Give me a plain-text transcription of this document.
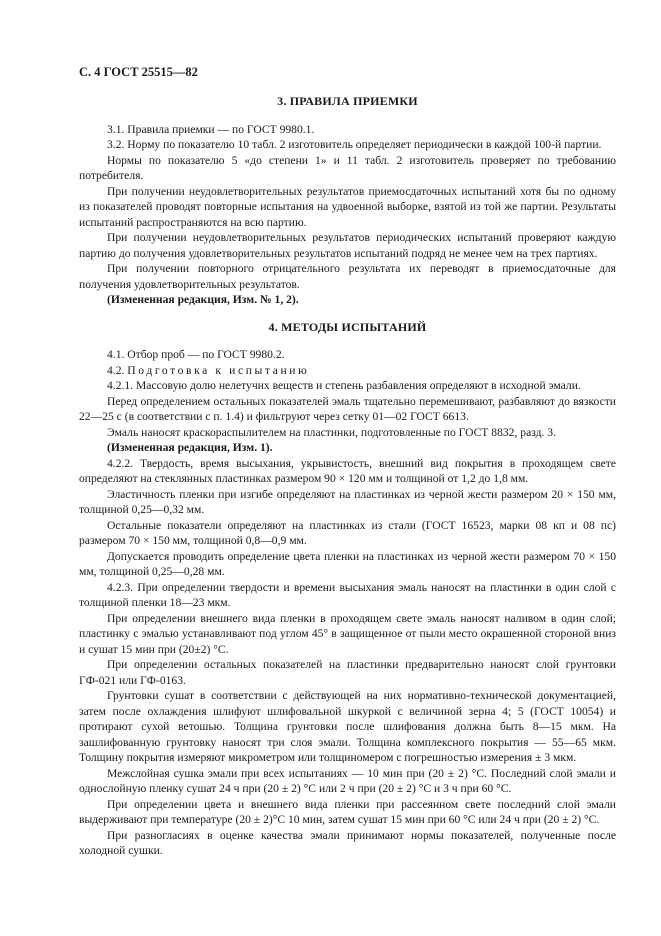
С. 4 ГОСТ 25515—82
3. ПРАВИЛА ПРИЕМКИ

3.1. Правила приемки — по ГОСТ 9980.1.

3.2. Норму по показателю 10 табл. 2 изготовитель определяет периодически в каждой 100-й партии.

Нормы по показателю 5 «до степени 1» и 11 табл. 2 изготовитель проверяет по требованию потребителя.

При получении неудовлетворительных результатов приемосдаточных испытаний хотя бы по одному из показателей проводят повторные испытания на удвоенной выборке, взятой из той же партии. Результаты испытаний распространяются на всю партию.

При получении неудовлетворительных результатов периодических испытаний проверяют каждую партию до получения удовлетворительных результатов испытаний подряд не менее чем на трех партиях.

При получении повторного отрицательного результата их переводят в приемосдаточные для получения удовлетворительных результатов.

(Измененная редакция, Изм. № 1, 2).

4. МЕТОДЫ ИСПЫТАНИЙ

4.1. Отбор проб — по ГОСТ 9980.2.

4.2. Подготовка к испытанию

4.2.1. Массовую долю нелетучих веществ и степень разбавления определяют в исходной эмали.

Перед определением остальных показателей эмаль тщательно перемешивают, разбавляют до вязкости 22—25 с (в соответствии с п. 1.4) и фильтруют через сетку 01—02 ГОСТ 6613.

Эмаль наносят краскораспылителем на пластинки, подготовленные по ГОСТ 8832, разд. 3.

(Измененная редакция, Изм. 1).

4.2.2. Твердость, время высыхания, укрывистость, внешний вид покрытия в проходящем свете определяют на стеклянных пластинках размером 90 × 120 мм и толщиной от 1,2 до 1,8 мм.

Эластичность пленки при изгибе определяют на пластинках из черной жести размером 20 × 150 мм, толщиной 0,25—0,32 мм.

Остальные показатели определяют на пластинках из стали (ГОСТ 16523, марки 08 кп и 08 пс) размером 70 × 150 мм, толщиной 0,8—0,9 мм.

Допускается проводить определение цвета пленки на пластинках из черной жести размером 70 × 150 мм, толщиной 0,25—0,28 мм.

4.2.3. При определении твердости и времени высыхания эмаль наносят на пластинки в один слой с толщиной пленки 18—23 мкм.

При определении внешнего вида пленки в проходящем свете эмаль наносят наливом в один слой; пластинку с эмалью устанавливают под углом 45° в защищенное от пыли место окрашенной стороной вниз и сушат 15 мин при (20±2) °С.

При определении остальных показателей на пластинки предварительно наносят слой грунтовки ГФ-021 или ГФ-0163.

Грунтовки сушат в соответствии с действующей на них нормативно-технической документацией, затем после охлаждения шлифуют шлифовальной шкуркой с величиной зерна 4; 5 (ГОСТ 10054) и протирают сухой ветошью. Толщина грунтовки после шлифования должна быть 8—15 мкм. На зашлифованную грунтовку наносят три слоя эмали. Толщина комплексного покрытия — 55—65 мкм. Толщину покрытия измеряют микрометром или толщиномером с погрешностью измерения ± 3 мкм.

Межслойная сушка эмали при всех испытаниях — 10 мин при (20 ± 2) °С. Последний слой эмали и однослойную пленку сушат 24 ч при (20 ± 2) °С или 2 ч при (20 ± 2) °С и 3 ч при 60 °С.

При определении цвета и внешнего вида пленки при рассеянном свете последний слой эмали выдерживают при температуре (20 ± 2)°С 10 мин, затем сушат 15 мин при 60 °С или 24 ч при (20 ± 2) °С.

При разногласиях в оценке качества эмали принимают нормы показателей, полученные после холодной сушки.
